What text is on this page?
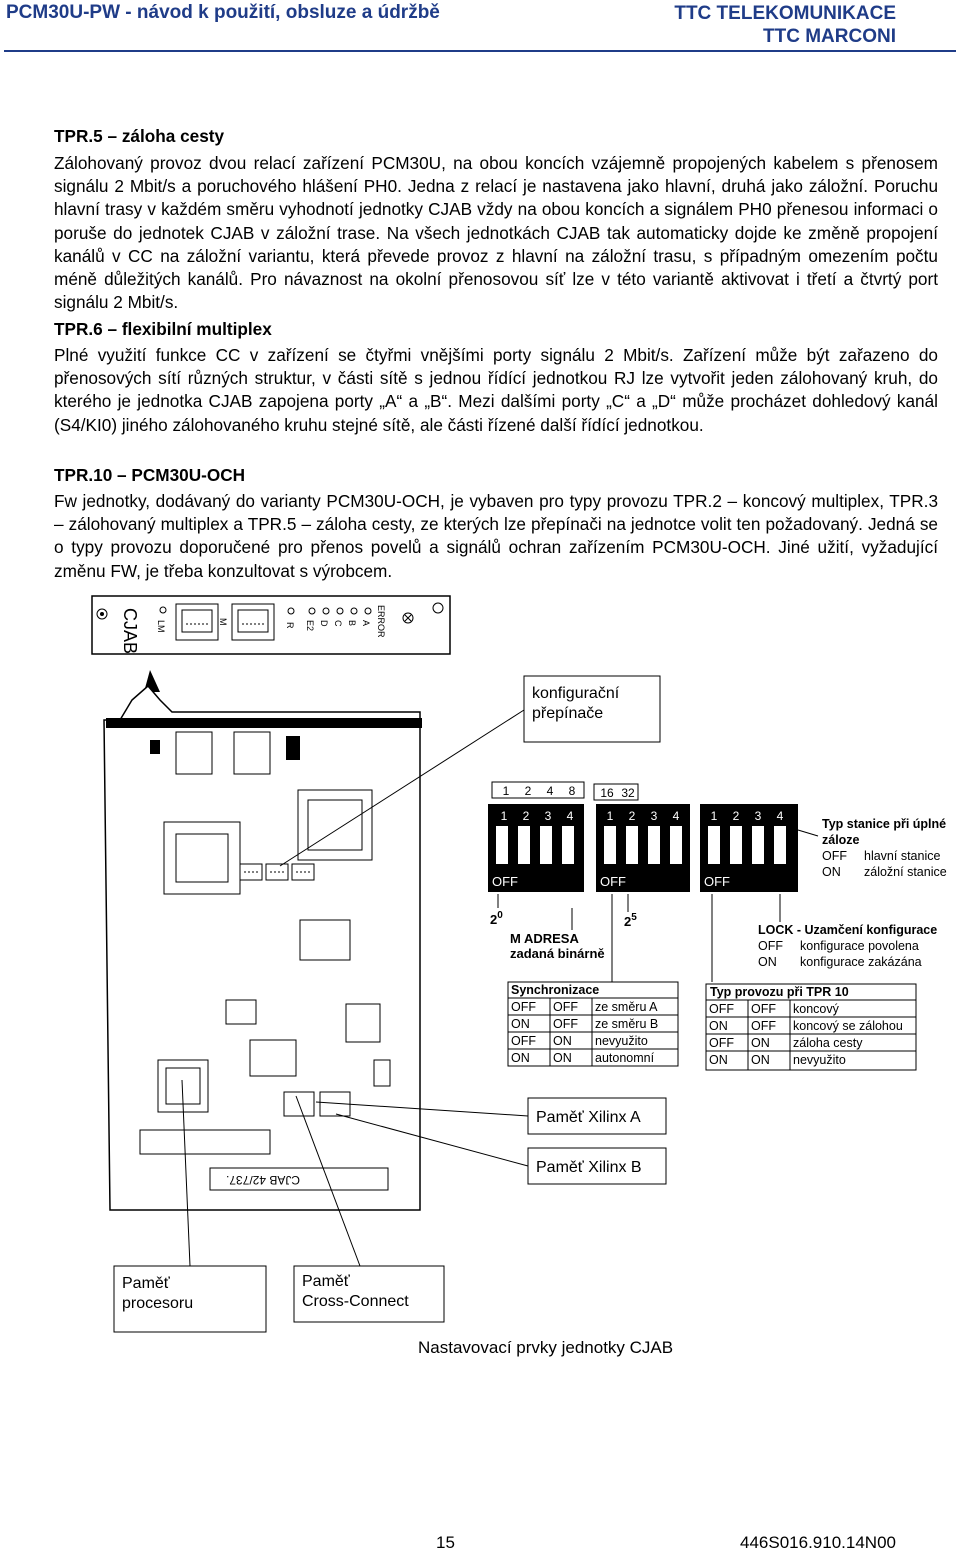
PCM30U-PW - návod k použití, obsluze a údržbě	TTC TELEKOMUNIKACE
TTC MARCONI
TPR.5 – záloha cesty

Zálohovaný provoz dvou relací zařízení PCM30U, na obou koncích vzájemně propojených kabelem s přenosem signálu 2 Mbit/s a poruchového hlášení PH0. Jedna z relací je nastavena jako hlavní, druhá jako záložní. Poruchu hlavní trasy v každém směru vyhodnotí jednotky CJAB vždy na obou koncích a signálem PH0 přenesou informaci o poruše do jednotek CJAB v záložní trase. Na všech jednotkách CJAB tak automaticky dojde ke změně propojení kanálů v CC na záložní variantu, která převede provoz z hlavní na záložní trasu, s případným omezením počtu méně důležitých kanálů. Pro návaznost na okolní přenosovou síť lze v této variantě aktivovat i třetí a čtvrtý port signálu 2 Mbit/s.

TPR.6 – flexibilní multiplex

Plné využití funkce CC v zařízení se čtyřmi vnějšími porty signálu 2 Mbit/s. Zařízení může být zařazeno do přenosových sítí různých struktur, v části sítě s jednou řídící jednotkou RJ lze vytvořit jeden zálohovaný kruh, do kterého je jednotka CJAB zapojena porty „A“ a „B“. Mezi dalšími porty „C“ a „D“ může procházet dohledový kanál (S4/KI0) jiného zálohovaného kruhu stejné sítě, ale části řízené další řídící jednotkou.

TPR.10 – PCM30U-OCH

Fw jednotky, dodávaný do varianty PCM30U-OCH, je vybaven pro typy provozu TPR.2 – koncový multiplex, TPR.3 – zálohovaný multiplex a TPR.5 – záloha cesty, ze kterých lze přepínači na jednotce volit ten požadovaný. Jedná se o typy provozu doporučené pro přenos povelů a signálů ochran zařízením PCM30U-OCH. Jiné užití, vyžadující změnu FW, je třeba konzultovat s výrobcem.

CJAB LM	M	R E2 D C B A ERROR
CJAB 42/737.
konfigurační
přepínače
1 2 4 8 16 32
1 2 3 4
OFF
1 2 3 4
OFF
1 2 3 4
OFF
$2^0$	$2^5$
M ADRESA
zadaná binárně
Typ stanice při úplné
záloze
OFF hlavní stanice
ON záložní stanice
LOCK - Uzamčení konfigurace
OFF konfigurace povolena
ON konfigurace zakázána
Synchronizace
OFF OFF ze směru A
ON OFF ze směru B
OFF ON nevyužito
ON ON autonomní
Typ provozu při TPR 10
OFF OFF koncový
ON OFF koncový se zálohou
OFF ON záloha cesty
ON ON nevyužito
Paměť Xilinx A
Paměť Xilinx B
Paměť
procesoru
Paměť
Cross-Connect
Nastavovací prvky jednotky CJAB
15	446S016.910.14N00
